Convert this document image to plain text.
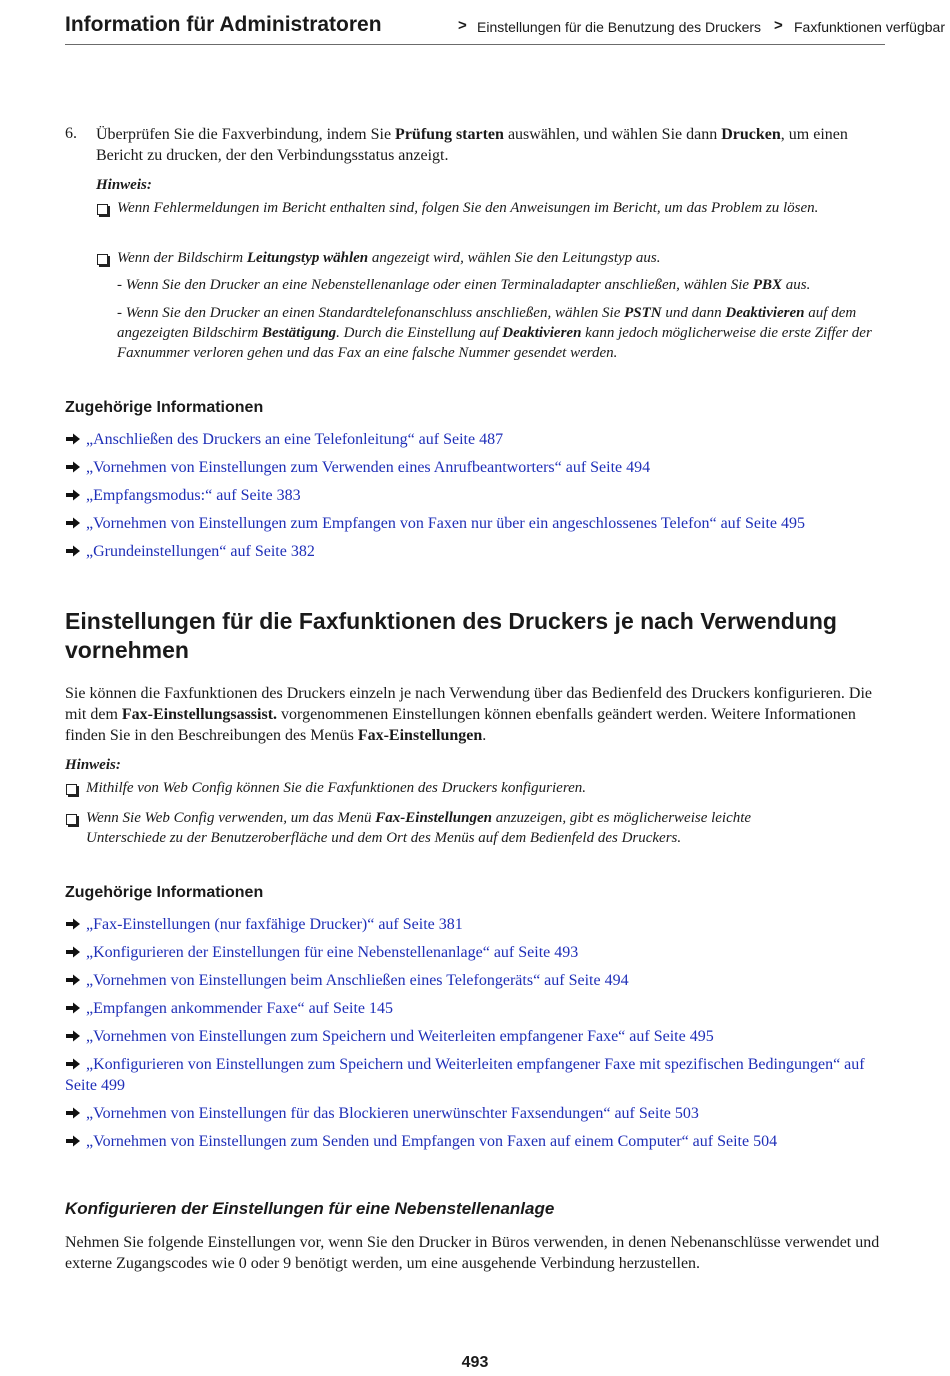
Information für Administratoren	> Einstellungen für die Benutzung des Druckers > Faxfunktionen verfügbar
6. Überprüfen Sie die Faxverbindung, indem Sie Prüfung starten auswählen, und wählen Sie dann Drucken, um einen Bericht zu drucken, der den Verbindungsstatus anzeigt.
Hinweis:
Wenn Fehlermeldungen im Bericht enthalten sind, folgen Sie den Anweisungen im Bericht, um das Problem zu lösen.
Wenn der Bildschirm Leitungstyp wählen angezeigt wird, wählen Sie den Leitungstyp aus.
- Wenn Sie den Drucker an eine Nebenstellenanlage oder einen Terminaladapter anschließen, wählen Sie PBX aus.
- Wenn Sie den Drucker an einen Standardtelefonanschluss anschließen, wählen Sie PSTN und dann Deaktivieren auf dem angezeigten Bildschirm Bestätigung. Durch die Einstellung auf Deaktivieren kann jedoch möglicherweise die erste Ziffer der Faxnummer verloren gehen und das Fax an eine falsche Nummer gesendet werden.
Zugehörige Informationen
„Anschließen des Druckers an eine Telefonleitung“ auf Seite 487
„Vornehmen von Einstellungen zum Verwenden eines Anrufbeantworters“ auf Seite 494
„Empfangsmodus:“ auf Seite 383
„Vornehmen von Einstellungen zum Empfangen von Faxen nur über ein angeschlossenes Telefon“ auf Seite 495
„Grundeinstellungen“ auf Seite 382
Einstellungen für die Faxfunktionen des Druckers je nach Verwendung vornehmen
Sie können die Faxfunktionen des Druckers einzeln je nach Verwendung über das Bedienfeld des Druckers konfigurieren. Die mit dem Fax-Einstellungsassist. vorgenommenen Einstellungen können ebenfalls geändert werden. Weitere Informationen finden Sie in den Beschreibungen des Menüs Fax-Einstellungen.
Hinweis:
Mithilfe von Web Config können Sie die Faxfunktionen des Druckers konfigurieren.
Wenn Sie Web Config verwenden, um das Menü Fax-Einstellungen anzuzeigen, gibt es möglicherweise leichte Unterschiede zu der Benutzeroberfläche und dem Ort des Menüs auf dem Bedienfeld des Druckers.
Zugehörige Informationen
„Fax-Einstellungen (nur faxfähige Drucker)“ auf Seite 381
„Konfigurieren der Einstellungen für eine Nebenstellenanlage“ auf Seite 493
„Vornehmen von Einstellungen beim Anschließen eines Telefongeräts“ auf Seite 494
„Empfangen ankommender Faxe“ auf Seite 145
„Vornehmen von Einstellungen zum Speichern und Weiterleiten empfangener Faxe“ auf Seite 495
„Konfigurieren von Einstellungen zum Speichern und Weiterleiten empfangener Faxe mit spezifischen Bedingungen“ auf Seite 499
„Vornehmen von Einstellungen für das Blockieren unerwünschter Faxsendungen“ auf Seite 503
„Vornehmen von Einstellungen zum Senden und Empfangen von Faxen auf einem Computer“ auf Seite 504
Konfigurieren der Einstellungen für eine Nebenstellenanlage
Nehmen Sie folgende Einstellungen vor, wenn Sie den Drucker in Büros verwenden, in denen Nebenanschlüsse verwendet und externe Zugangscodes wie 0 oder 9 benötigt werden, um eine ausgehende Verbindung herzustellen.
493
